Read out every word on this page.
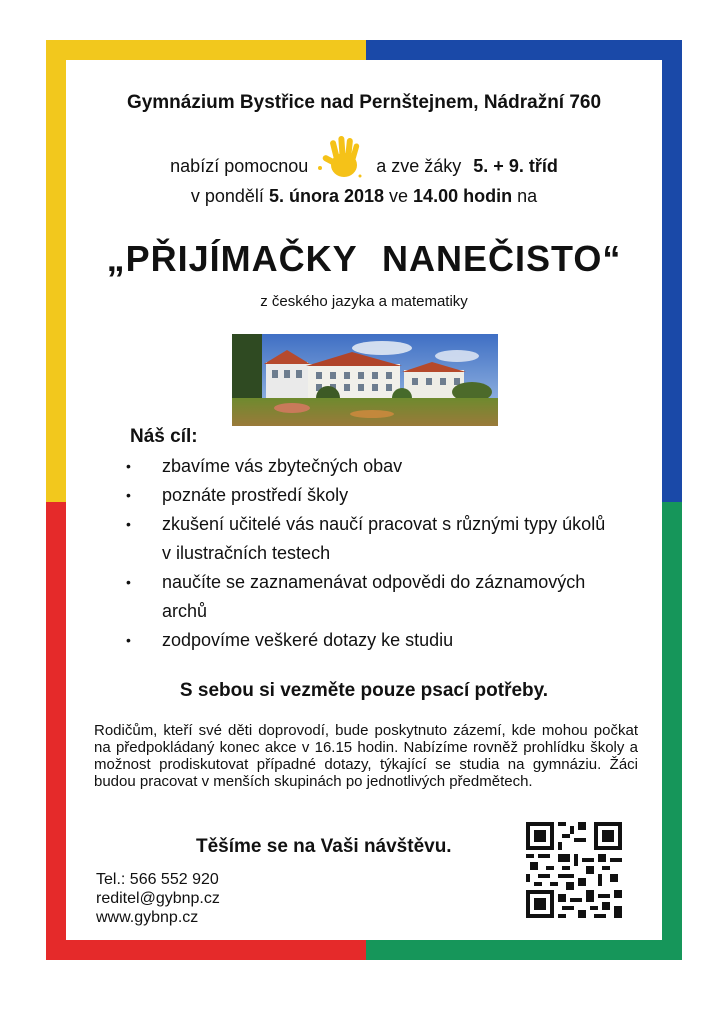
Gymnázium Bystřice nad Pernštejnem, Nádražní 760
nabízí pomocnou	a zve žáky 5. + 9. tříd
v pondělí 5. února 2018 ve 14.00 hodin na
„PŘIJÍMAČKY NANEČISTO“
z českého jazyka a matematiky
Náš cíl:
• zbavíme vás zbytečných obav
• poznáte prostředí školy
• zkušení učitelé vás naučí pracovat s různými typy úkolů v ilustračních testech
• naučíte se zaznamenávat odpovědi do záznamových archů
• zodpovíme veškeré dotazy ke studiu
S sebou si vezměte pouze psací potřeby.
Rodičům, kteří své děti doprovodí, bude poskytnuto zázemí, kde mohou počkat na předpokládaný konec akce v 16.15 hodin. Nabízíme rovněž prohlídku školy a možnost prodiskutovat případné dotazy, týkající se studia na gymnáziu. Žáci budou pracovat v menších skupinách po jednotlivých předmětech.
Těšíme se na Vaši návštěvu.
Tel.: 566 552 920
reditel@gybnp.cz
www.gybnp.cz
